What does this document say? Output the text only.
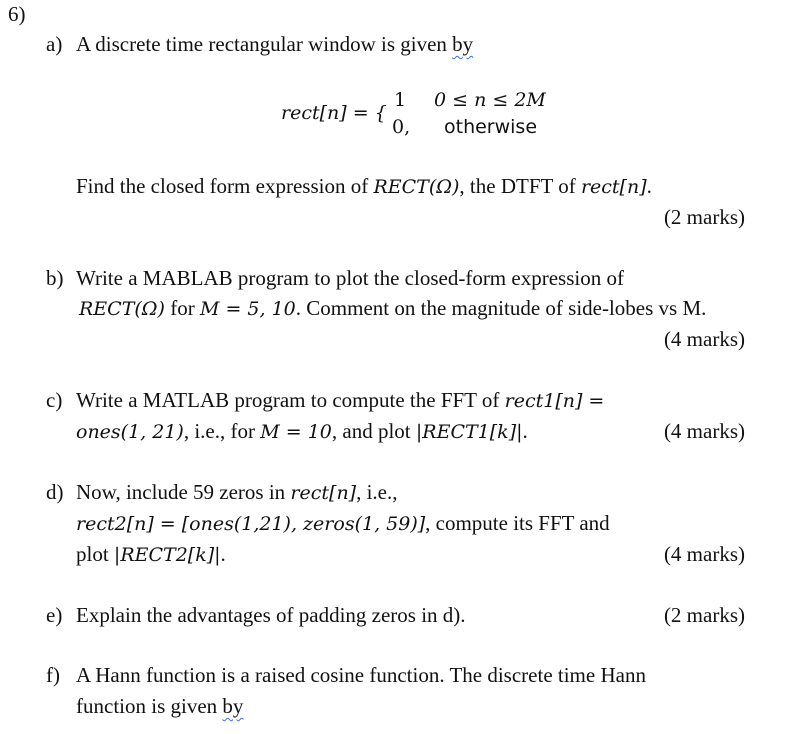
6)
a) A discrete time rectangular window is given by
rect[n] = {
1 0 ≤ n ≤ 2M
0, otherwise
Find the closed form expression of RECT(Ω), the DTFT of rect[n].
(2 marks)
b) Write a MABLAB program to plot the closed-form expression of
RECT(Ω) for M = 5, 10. Comment on the magnitude of side-lobes vs M.
(4 marks)
c) Write a MATLAB program to compute the FFT of rect1[n] =
ones(1, 21), i.e., for M = 10, and plot |RECT1[k]|.	(4 marks)
d) Now, include 59 zeros in rect[n], i.e.,
rect2[n] = [ones(1,21), zeros(1, 59)], compute its FFT and
plot |RECT2[k]|.	(4 marks)
e) Explain the advantages of padding zeros in d).	(2 marks)
f) A Hann function is a raised cosine function. The discrete time Hann
function is given by
